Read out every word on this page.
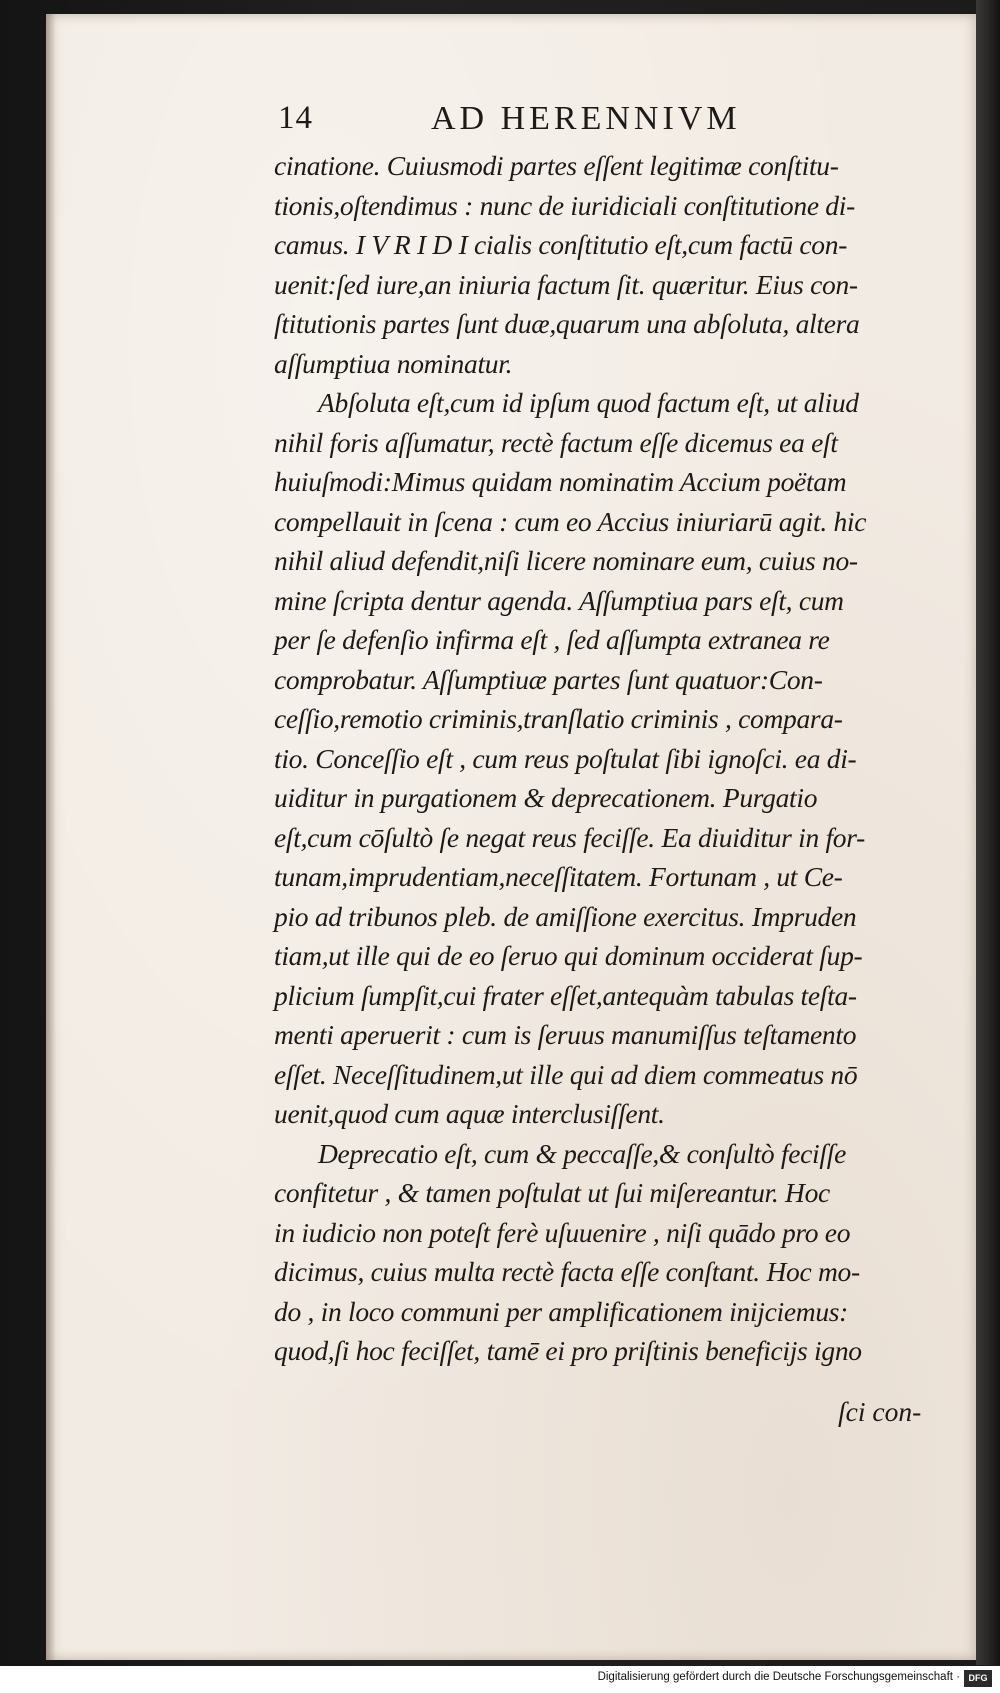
14	AD HERENNIVM
cinatione. Cuiusmodi partes eſſent legitimæ conſtitu-
tionis,oſtendimus : nunc de iuridiciali conſtitutione di-
camus. I V R I D I cialis conſtitutio eſt,cum factū con-
uenit:ſed iure,an iniuria factum ſit. quæritur. Eius con-
ſtitutionis partes ſunt duæ,quarum una abſoluta, altera
aſſumptiua nominatur.
Abſoluta eſt,cum id ipſum quod factum eſt, ut aliud
nihil foris aſſumatur, rectè factum eſſe dicemus ea eſt
huiuſmodi:Mimus quidam nominatim Accium poëtam
compellauit in ſcena : cum eo Accius iniuriarū agit. hic
nihil aliud defendit,niſi licere nominare eum, cuius no-
mine ſcripta dentur agenda. Aſſumptiua pars eſt, cum
per ſe defenſio infirma eſt , ſed aſſumpta extranea re
comprobatur. Aſſumptiuæ partes ſunt quatuor:Con-
ceſſio,remotio criminis,tranſlatio criminis , compara-
tio. Conceſſio eſt , cum reus poſtulat ſibi ignoſci. ea di-
uiditur in purgationem & deprecationem. Purgatio
eſt,cum cōſultò ſe negat reus feciſſe. Ea diuiditur in for-
tunam,imprudentiam,neceſſitatem. Fortunam , ut Ce-
pio ad tribunos pleb. de amiſſione exercitus. Impruden
tiam,ut ille qui de eo ſeruo qui dominum occiderat ſup-
plicium ſumpſit,cui frater eſſet,antequàm tabulas teſta-
menti aperuerit : cum is ſeruus manumiſſus teſtamento
eſſet. Neceſſitudinem,ut ille qui ad diem commeatus nō
uenit,quod cum aquæ interclusiſſent.
Deprecatio eſt, cum & peccaſſe,& conſultò feciſſe
confitetur , & tamen poſtulat ut ſui miſereantur. Hoc
in iudicio non poteſt ferè uſuuenire , niſi quādo pro eo
dicimus, cuius multa rectè facta eſſe conſtant. Hoc mo-
do , in loco communi per amplificationem inijciemus:
quod,ſi hoc feciſſet, tamē ei pro priſtinis beneficijs igno
ſci con-
Digitalisierung gefördert durch die Deutsche Forschungsgemeinschaft · DFG
